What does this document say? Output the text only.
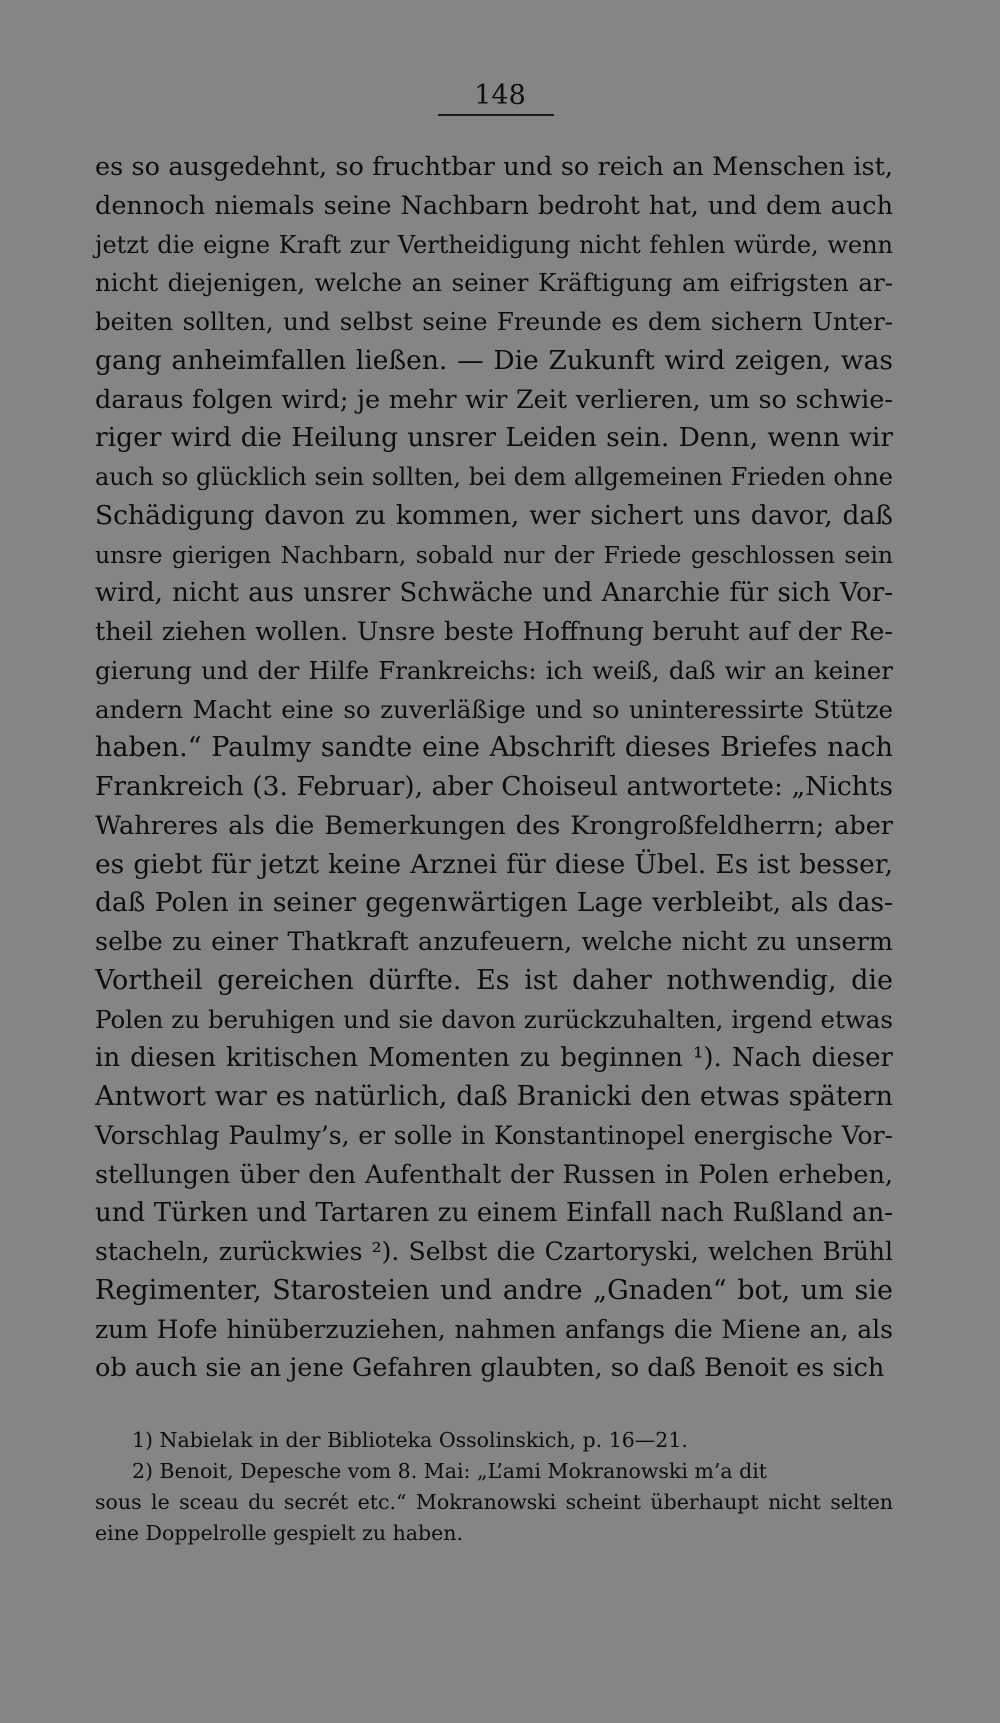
148
es so ausgedehnt, so fruchtbar und so reich an Menschen ist,
dennoch niemals seine Nachbarn bedroht hat, und dem auch
jetzt die eigne Kraft zur Vertheidigung nicht fehlen würde, wenn
nicht diejenigen, welche an seiner Kräftigung am eifrigsten ar-
beiten sollten, und selbst seine Freunde es dem sichern Unter-
gang anheimfallen ließen. — Die Zukunft wird zeigen, was
daraus folgen wird; je mehr wir Zeit verlieren, um so schwie-
riger wird die Heilung unsrer Leiden sein. Denn, wenn wir
auch so glücklich sein sollten, bei dem allgemeinen Frieden ohne
Schädigung davon zu kommen, wer sichert uns davor, daß
unsre gierigen Nachbarn, sobald nur der Friede geschlossen sein
wird, nicht aus unsrer Schwäche und Anarchie für sich Vor-
theil ziehen wollen. Unsre beste Hoffnung beruht auf der Re-
gierung und der Hilfe Frankreichs: ich weiß, daß wir an keiner
andern Macht eine so zuverläßige und so uninteressirte Stütze
haben.“ Paulmy sandte eine Abschrift dieses Briefes nach
Frankreich (3. Februar), aber Choiseul antwortete: „Nichts
Wahreres als die Bemerkungen des Krongroßfeldherrn; aber
es giebt für jetzt keine Arznei für diese Übel. Es ist besser,
daß Polen in seiner gegenwärtigen Lage verbleibt, als das-
selbe zu einer Thatkraft anzufeuern, welche nicht zu unserm
Vortheil gereichen dürfte. Es ist daher nothwendig, die
Polen zu beruhigen und sie davon zurückzuhalten, irgend etwas
in diesen kritischen Momenten zu beginnen ¹). Nach dieser
Antwort war es natürlich, daß Branicki den etwas spätern
Vorschlag Paulmy’s, er solle in Konstantinopel energische Vor-
stellungen über den Aufenthalt der Russen in Polen erheben,
und Türken und Tartaren zu einem Einfall nach Rußland an-
stacheln, zurückwies ²). Selbst die Czartoryski, welchen Brühl
Regimenter, Starosteien und andre „Gnaden“ bot, um sie
zum Hofe hinüberzuziehen, nahmen anfangs die Miene an, als
ob auch sie an jene Gefahren glaubten, so daß Benoit es sich
1) Nabielak in der Biblioteka Ossolinskich, p. 16—21.
2) Benoit, Depesche vom 8. Mai: „L’ami Mokranowski m’a dit
sous le sceau du secrét etc.“ Mokranowski scheint überhaupt nicht selten
eine Doppelrolle gespielt zu haben.
